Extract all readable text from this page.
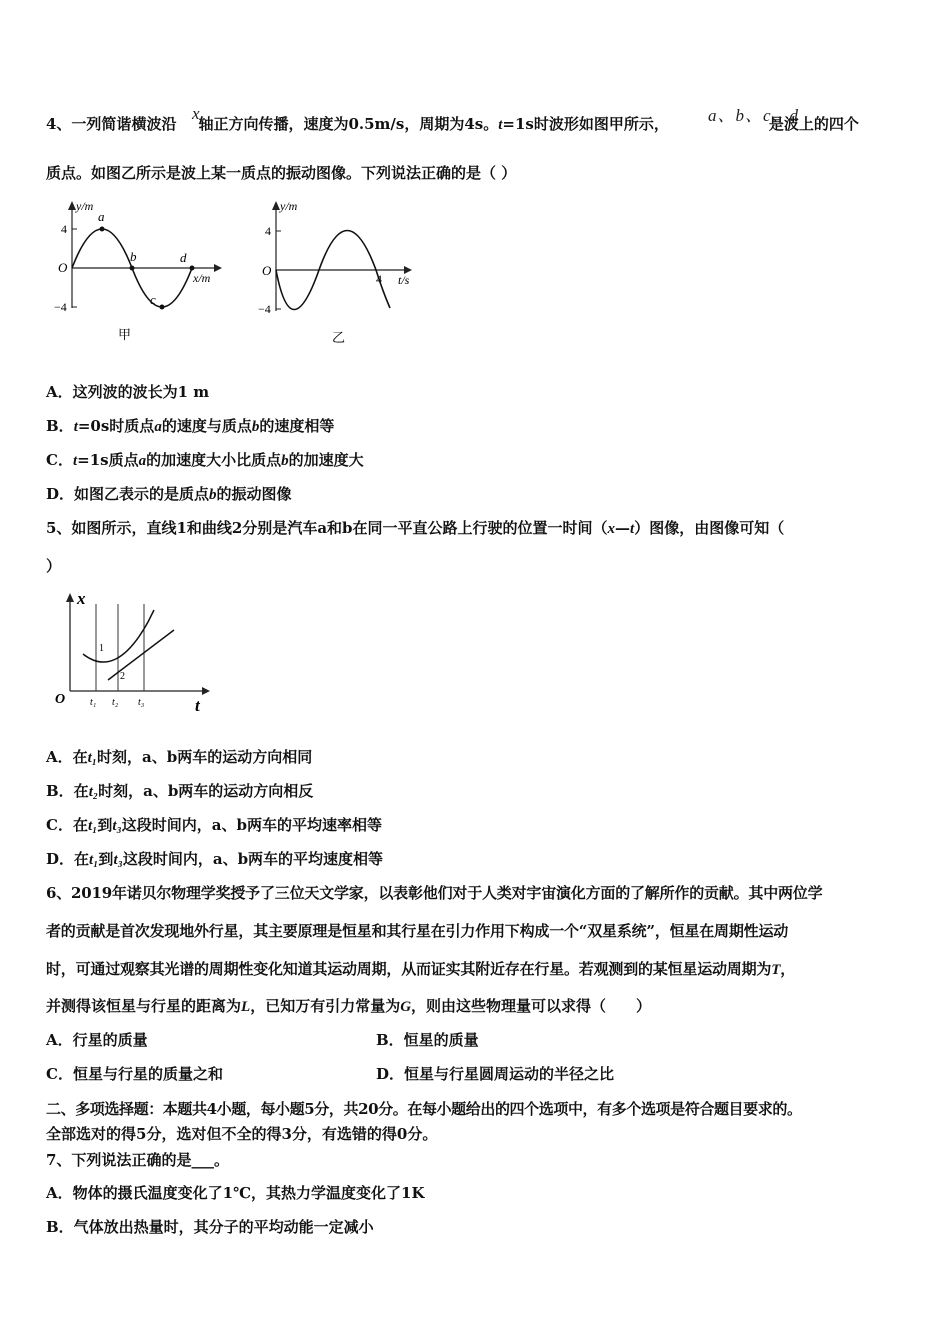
4、一列简谐横波沿 轴正方向传播，速度为0.5m/s，周期为4s。t=1s时波形如图甲所示，	是波上的四个
x	a、b、c、d
质点。如图乙所示是波上某一质点的振动图像。下列说法正确的是（ ）
y/m
x/m
O
4
−4
a
b
c
d
甲
y/m
t/s
O
4
−4
4
乙
A．这列波的波长为1 m
B．t=0s时质点a的速度与质点b的速度相等
C．t=1s质点a的加速度大小比质点b的加速度大
D．如图乙表示的是质点b的振动图像
5、如图所示，直线1和曲线2分别是汽车a和b在同一平直公路上行驶的位置一时间（x—t）图像，由图像可知（
）
x
t
O t₁ t₂ t₃
1
2
A．在t₁时刻，a、b两车的运动方向相同
B．在t₂时刻，a、b两车的运动方向相反
C．在t₁到t₃这段时间内，a、b两车的平均速率相等
D．在t₁到t₃这段时间内，a、b两车的平均速度相等
6、2019年诺贝尔物理学奖授予了三位天文学家，以表彰他们对于人类对宇宙演化方面的了解所作的贡献。其中两位学
者的贡献是首次发现地外行星，其主要原理是恒星和其行星在引力作用下构成一个“双星系统”，恒星在周期性运动
时，可通过观察其光谱的周期性变化知道其运动周期，从而证实其附近存在行星。若观测到的某恒星运动周期为T，
并测得该恒星与行星的距离为L，已知万有引力常量为G，则由这些物理量可以求得（　　）
A．行星的质量	B．恒星的质量
C．恒星与行星的质量之和	D．恒星与行星圆周运动的半径之比
二、多项选择题：本题共4小题，每小题5分，共20分。在每小题给出的四个选项中，有多个选项是符合题目要求的。
全部选对的得5分，选对但不全的得3分，有选错的得0分。
7、下列说法正确的是___。
A．物体的摄氏温度变化了1℃，其热力学温度变化了1K
B．气体放出热量时，其分子的平均动能一定减小
